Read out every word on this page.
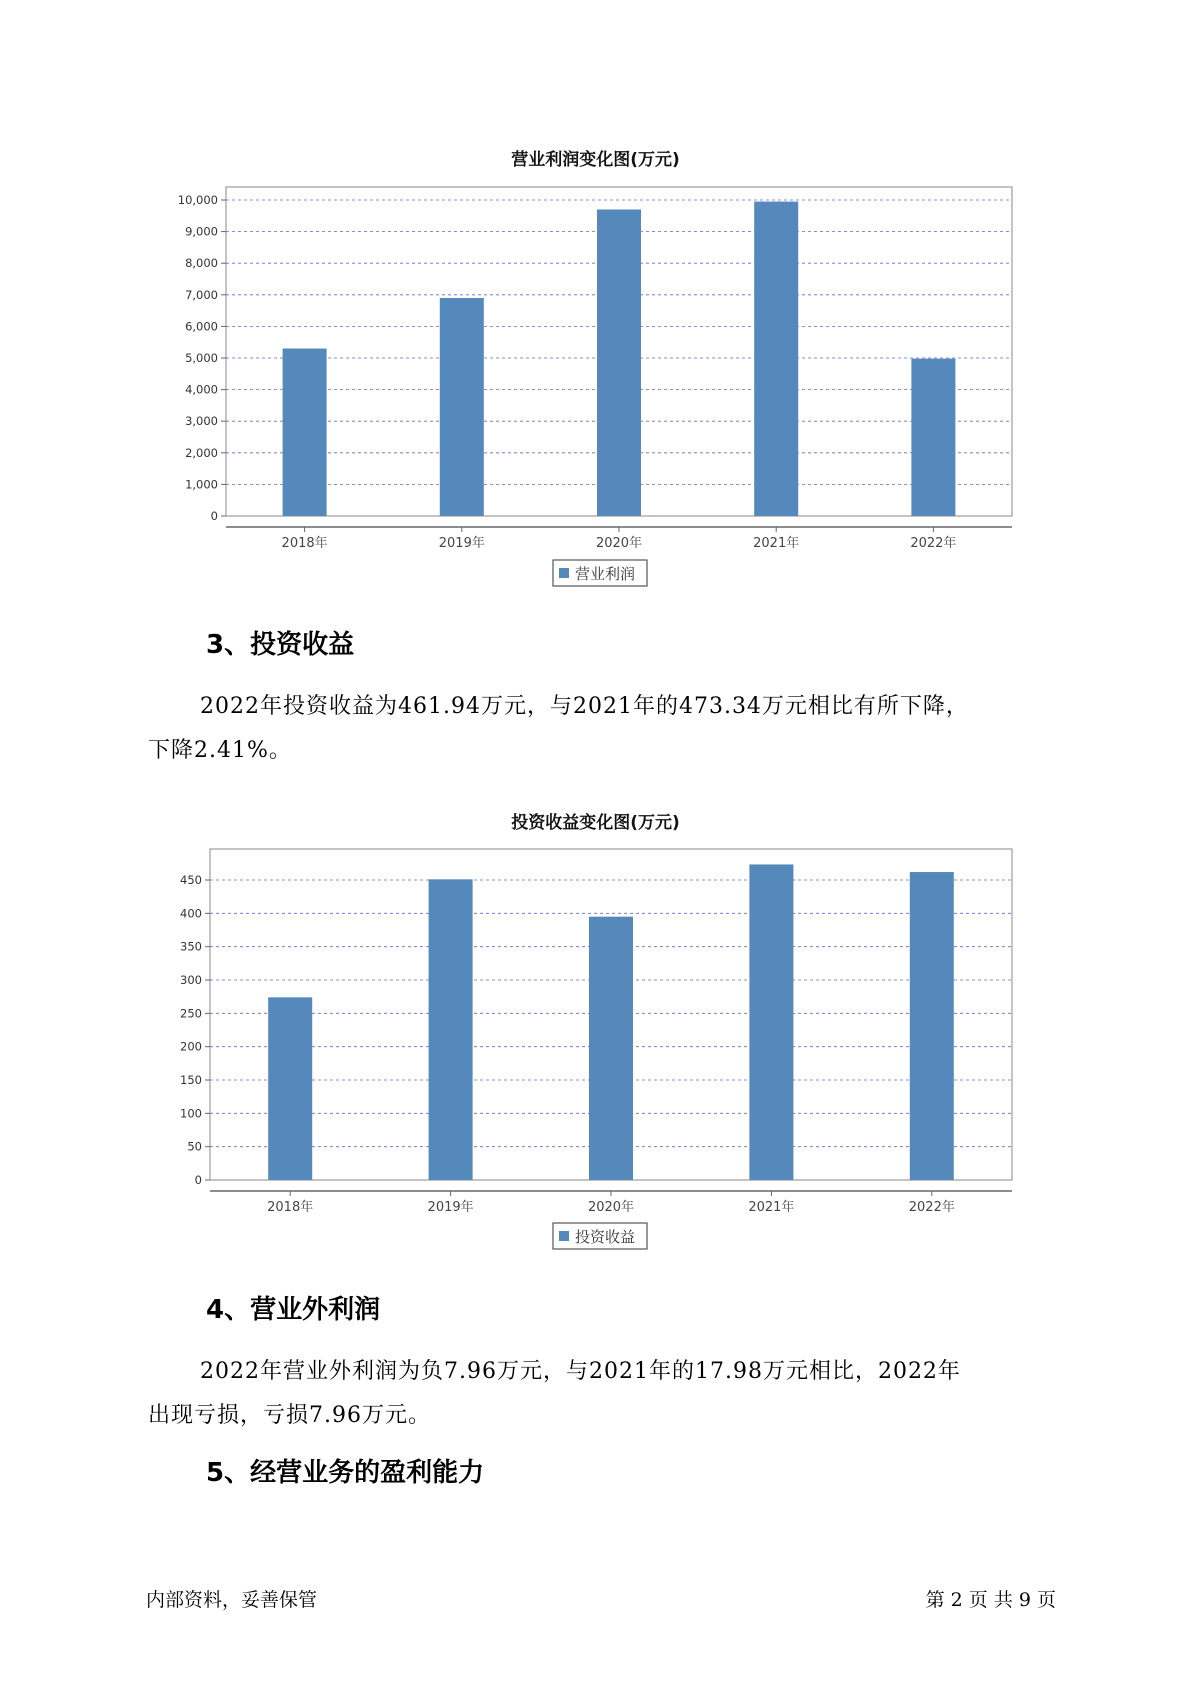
营业利润变化图(万元)
0
1,000
2,000
3,000
4,000
5,000
6,000
7,000
8,000
9,000
10,000
2018年	2019年	2020年	2021年	2022年
营业利润
3、投资收益
2022年投资收益为461.94万元，与2021年的473.34万元相比有所下降，
下降2.41%。
投资收益变化图(万元)
0
50
100
150
200
250
300
350
400
450
2018年	2019年	2020年	2021年	2022年
投资收益
4、营业外利润
2022年营业外利润为负7.96万元，与2021年的17.98万元相比，2022年
出现亏损，亏损7.96万元。
5、经营业务的盈利能力
内部资料，妥善保管	第 2 页 共 9 页
